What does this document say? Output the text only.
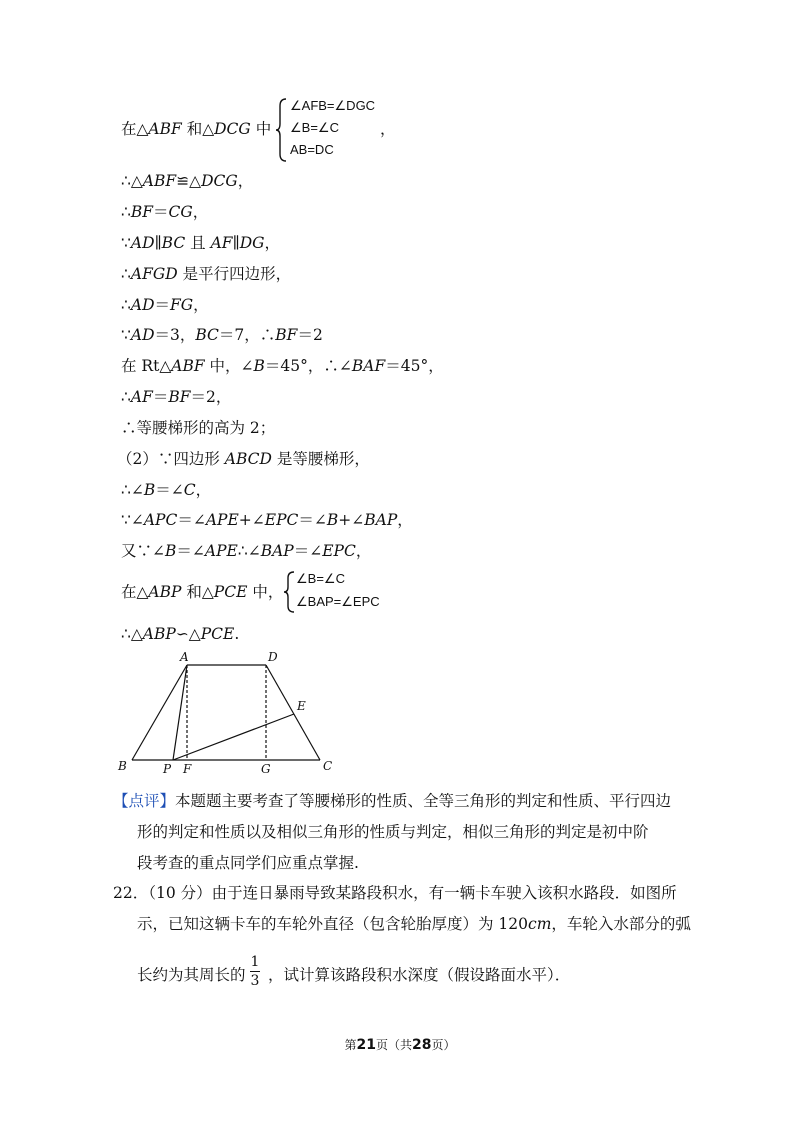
在△ABF 和△DCG 中
∠AFB=∠DGC
∠B=∠C
AB=DC
，
∴△ABF≌△DCG，
∴BF＝CG，
∵AD∥BC 且 AF∥DG，
∴AFGD 是平行四边形，
∴AD＝FG，
∵AD＝3，BC＝7，∴BF＝2
在 Rt△ABF 中，∠B＝45°，∴∠BAF＝45°，
∴AF＝BF＝2，
∴等腰梯形的高为 2；
（2）∵四边形 ABCD 是等腰梯形，
∴∠B＝∠C，
∵∠APC＝∠APE+∠EPC＝∠B+∠BAP，
又∵∠B＝∠APE∴∠BAP＝∠EPC，
在△ABP 和△PCE 中，
∠B=∠C
∠BAP=∠EPC
∴△ABP∽△PCE.
A	D
E
B	P F	G	C
【点评】本题题主要考查了等腰梯形的性质、全等三角形的判定和性质、平行四边
形的判定和性质以及相似三角形的性质与判定，相似三角形的判定是初中阶
段考查的重点同学们应重点掌握.
22．（10 分）由于连日暴雨导致某路段积水，有一辆卡车驶入该积水路段．如图所
示，已知这辆卡车的车轮外直径（包含轮胎厚度）为 120cm，车轮入水部分的弧
长约为其周长的
1
3 ，试计算该路段积水深度（假设路面水平）．
第21页（共28页）
